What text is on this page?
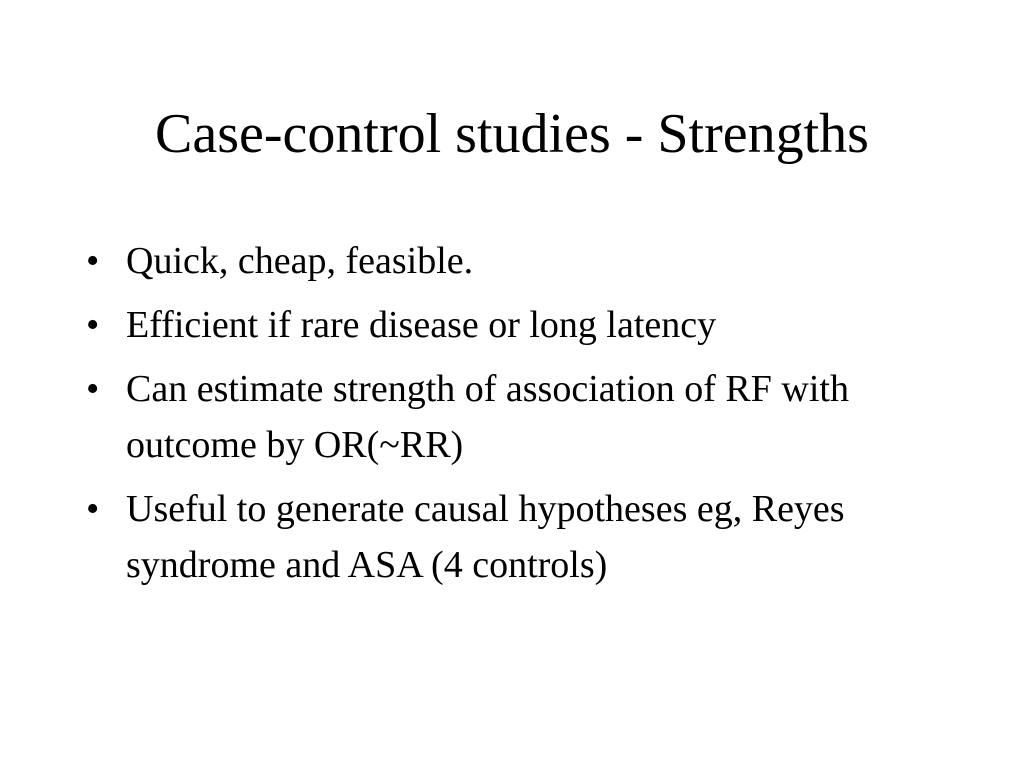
Case-control studies - Strengths
• Quick, cheap, feasible.
• Efficient if rare disease or long latency
• Can estimate strength of association of RF with outcome by OR(~RR)
• Useful to generate causal hypotheses eg, Reyes syndrome and ASA (4 controls)
